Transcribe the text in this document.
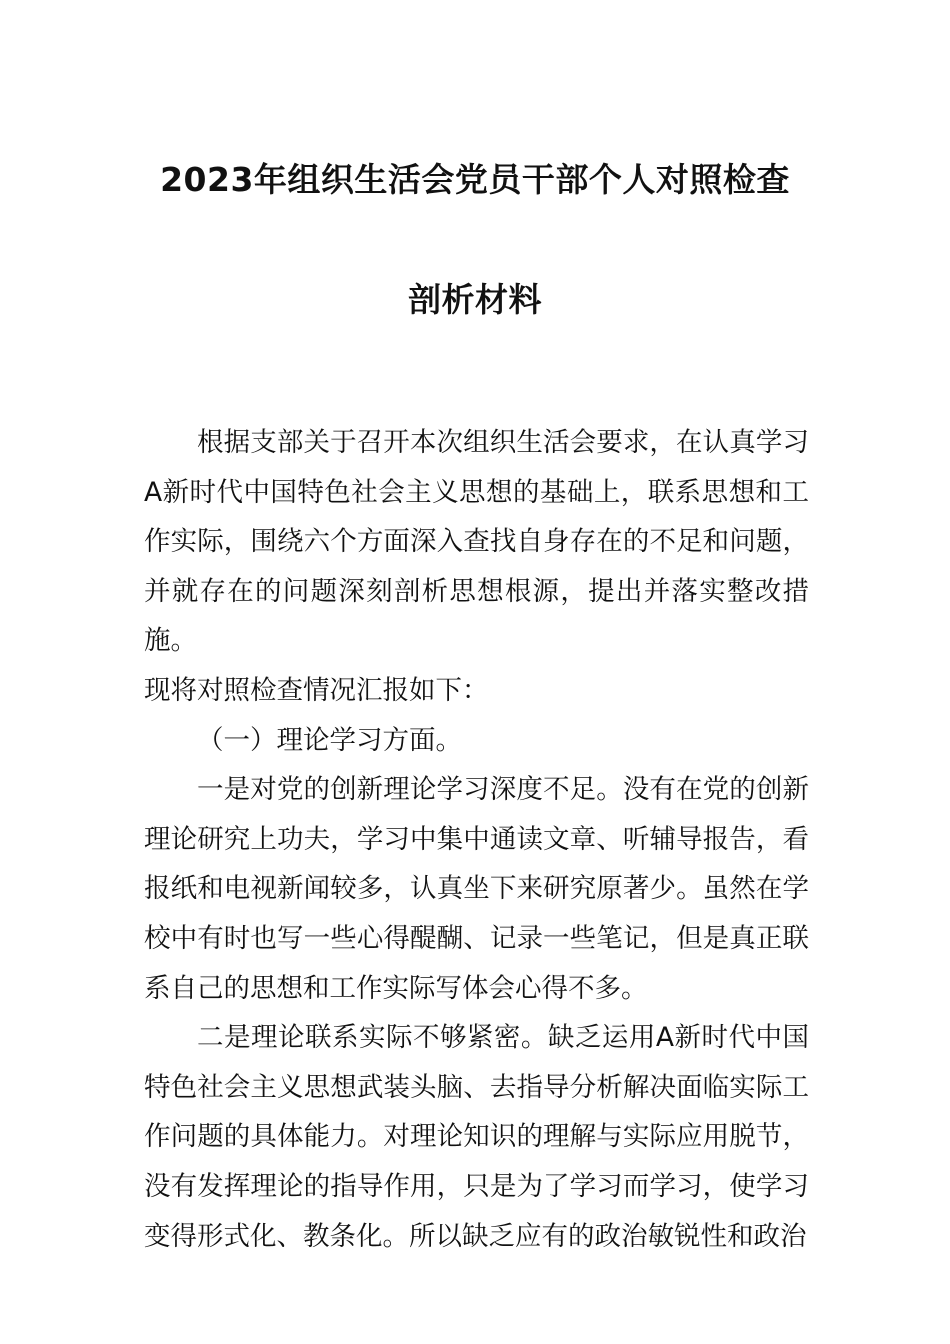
2023年组织生活会党员干部个人对照检查
剖析材料

根据支部关于召开本次组织生活会要求，在认真学习A新时代中国特色社会主义思想的基础上，联系思想和工作实际，围绕六个方面深入查找自身存在的不足和问题，并就存在的问题深刻剖析思想根源，提出并落实整改措施。

现将对照检查情况汇报如下：

（一）理论学习方面。

一是对党的创新理论学习深度不足。没有在党的创新理论研究上功夫，学习中集中通读文章、听辅导报告，看报纸和电视新闻较多，认真坐下来研究原著少。虽然在学校中有时也写一些心得醍醐、记录一些笔记，但是真正联系自己的思想和工作实际写体会心得不多。

二是理论联系实际不够紧密。缺乏运用A新时代中国特色社会主义思想武装头脑、去指导分析解决面临实际工作问题的具体能力。对理论知识的理解与实际应用脱节，没有发挥理论的指导作用，只是为了学习而学习，使学习变得形式化、教条化。所以缺乏应有的政治敏锐性和政治
